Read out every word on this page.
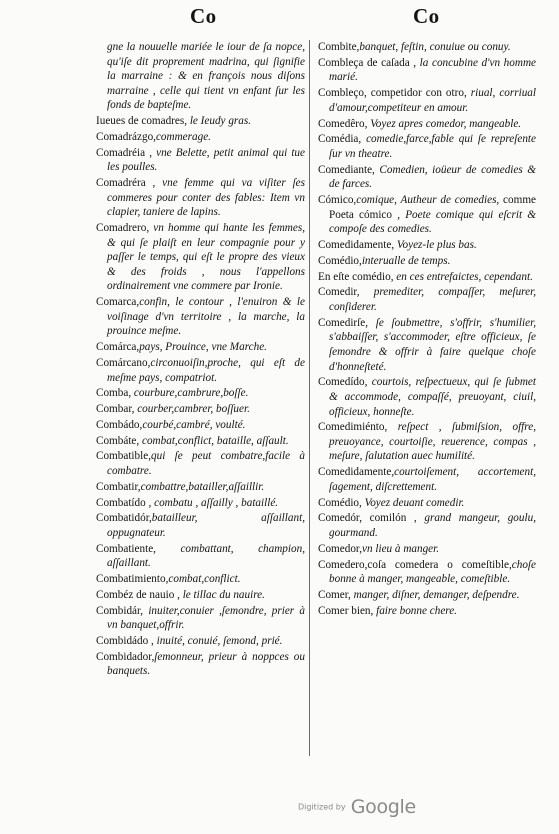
Co	Co
gne la nouuelle mariée le iour de ſa nopce, qu'iſe dit proprement madrina, qui ſignifie la marraine : & en françois nous diſons marraine , celle qui tient vn enfant ſur les fonds de bapteſme.
Iueues de comadres, le Ieudy gras.
Comadrázgo,commerage.
Comadréia , vne Belette, petit animal qui tue les poulles.
Comadréra , vne femme qui va viſiter ſes commeres pour conter des fables: Item vn clapier, taniere de lapins.
Comadrero, vn homme qui hante les femmes, & qui ſe plaiſt en leur compagnie pour y paſſer le temps, qui eſt le propre des vieux & des froids , nous l'appellons ordinairement vne commere par Ironie.
Comarca,confin, le contour , l'enuiron & le voiſinage d'vn territoire , la marche, la prouince meſme.
Comárca,pays, Prouince, vne Marche.
Comárcano,circonuoiſin,proche, qui eſt de meſme pays, compatriot.
Comba, courbure,cambrure,boſſe.
Combar, courber,cambrer, boſſuer.
Combádo,courbé,cambré, voulté.
Combáte, combat,conflict, bataille, aſſault.
Combatible,qui ſe peut combatre,facile à combatre.
Combatir,combattre,batailler,aſſaillir.
Combatído , combatu , aſſailly , bataillé.
Combatidór,batailleur, aſſaillant, oppugnateur.
Combatiente, combattant, champion, aſſaillant.
Combatimiento,combat,conflict.
Combéz de nauio , le tillac du nauire.
Combidár, inuiter,conuier ,ſemondre, prier à vn banquet,offrir.
Combidádo , inuité, conuié, ſemond, prié.
Combidador,ſemonneur, prieur à noppces ou banquets.
Combite,banquet, feſtin, conuiue ou conuy.
Combleça de caſada , la concubine d'vn homme marié.
Combleço, competidor con otro, riual, corriual d'amour,competiteur en amour.
Comedêro, Voyez apres comedor, mangeable.
Comédia, comedie,farce,fable qui ſe repreſente ſur vn theatre.
Comediante, Comedien, ioüeur de comedies & de farces.
Cómico,comique, Autheur de comedies, comme Poeta cómico , Poete comique qui eſcrit & compoſe des comedies.
Comedidamente, Voyez-le plus bas.
Comédio,interualle de temps.
En eſte comédio, en ces entrefaictes, cependant.
Comedir, premediter, compaſſer, meſurer, conſiderer.
Comedirſe, ſe ſoubmettre, s'offrir, s'humilier, s'abbaiſſer, s'accommoder, eſtre officieux, ſe ſemondre & offrir à faire quelque choſe d'honneſteté.
Comedído, courtois, reſpectueux, qui ſe ſubmet & accommode, compaſſé, preuoyant, ciuil, officieux, honneſte.
Comedimiénto, reſpect , ſubmiſsion, offre, preuoyance, courtoiſie, reuerence, compas , meſure, ſalutation auec humilité.
Comedidamente,courtoiſement, accortement, ſagement, diſcrettement.
Comédio, Voyez deuant comedir.
Comedór, comilón , grand mangeur, goulu, gourmand.
Comedor,vn lieu à manger.
Comedero,coſa comedera o comeſtible,choſe bonne à manger, mangeable, comeſtible.
Comer, manger, diſner, demanger, deſpendre.
Comer bien, faire bonne chere.
Digitized by Google
